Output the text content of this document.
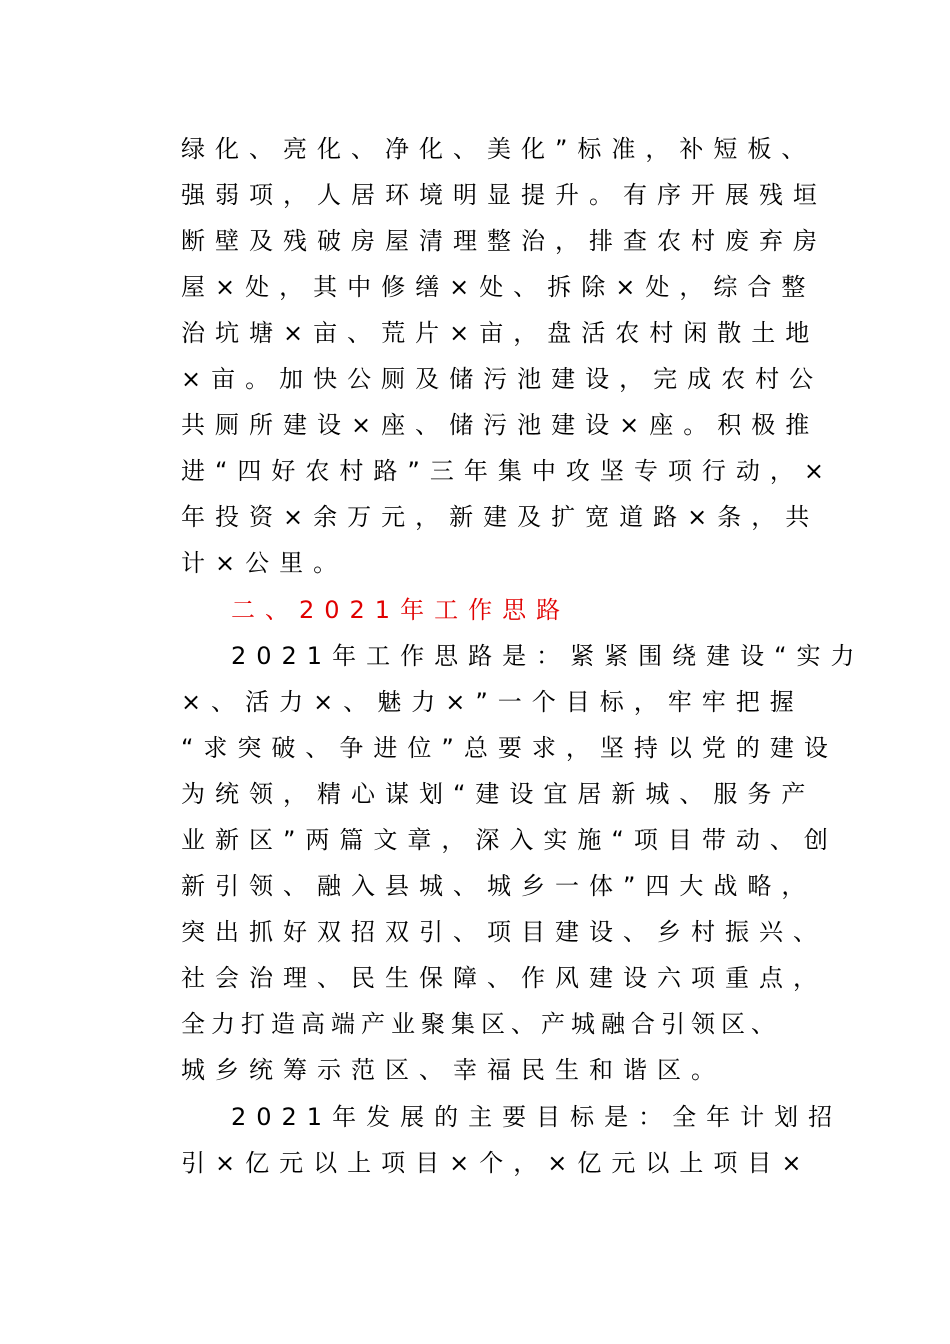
绿化、亮化、净化、美化”标准，补短板、
强弱项，人居环境明显提升。有序开展残垣
断壁及残破房屋清理整治，排查农村废弃房
屋×处，其中修缮×处、拆除×处，综合整
治坑塘×亩、荒片×亩，盘活农村闲散土地
×亩。加快公厕及储污池建设，完成农村公
共厕所建设×座、储污池建设×座。积极推
进“四好农村路”三年集中攻坚专项行动，×
年投资×余万元，新建及扩宽道路×条，共
计×公里。
二、2021年工作思路
2021年工作思路是：紧紧围绕建设“实力
×、活力×、魅力×”一个目标，牢牢把握
“求突破、争进位”总要求，坚持以党的建设
为统领，精心谋划“建设宜居新城、服务产
业新区”两篇文章，深入实施“项目带动、创
新引领、融入县城、城乡一体”四大战略，
突出抓好双招双引、项目建设、乡村振兴、
社会治理、民生保障、作风建设六项重点，
全力打造高端产业聚集区、产城融合引领区、
城乡统筹示范区、幸福民生和谐区。
2021年发展的主要目标是：全年计划招
引×亿元以上项目×个，×亿元以上项目×
